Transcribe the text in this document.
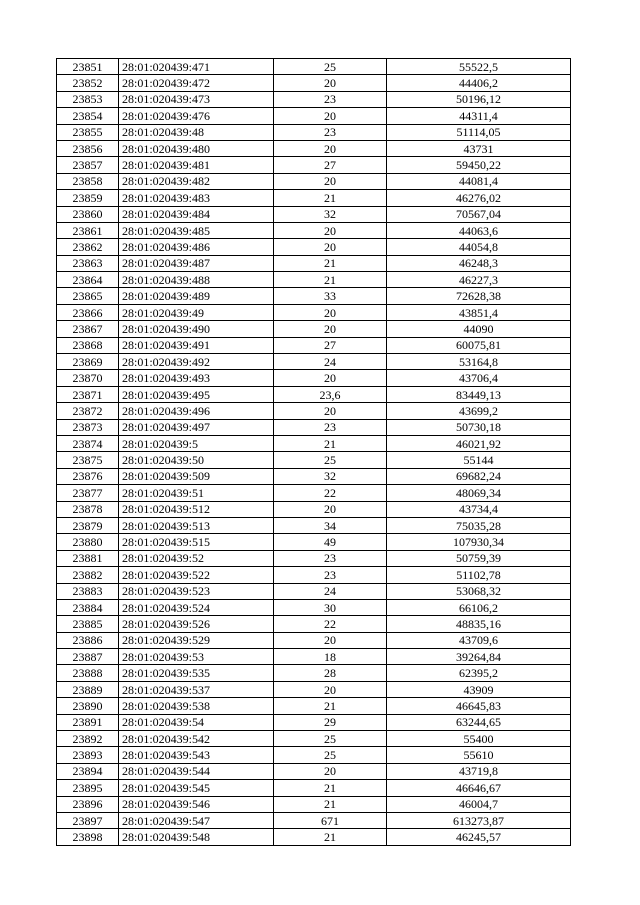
23851	28:01:020439:471	25	55522,5
23852	28:01:020439:472	20	44406,2
23853	28:01:020439:473	23	50196,12
23854	28:01:020439:476	20	44311,4
23855	28:01:020439:48	23	51114,05
23856	28:01:020439:480	20	43731
23857	28:01:020439:481	27	59450,22
23858	28:01:020439:482	20	44081,4
23859	28:01:020439:483	21	46276,02
23860	28:01:020439:484	32	70567,04
23861	28:01:020439:485	20	44063,6
23862	28:01:020439:486	20	44054,8
23863	28:01:020439:487	21	46248,3
23864	28:01:020439:488	21	46227,3
23865	28:01:020439:489	33	72628,38
23866	28:01:020439:49	20	43851,4
23867	28:01:020439:490	20	44090
23868	28:01:020439:491	27	60075,81
23869	28:01:020439:492	24	53164,8
23870	28:01:020439:493	20	43706,4
23871	28:01:020439:495	23,6	83449,13
23872	28:01:020439:496	20	43699,2
23873	28:01:020439:497	23	50730,18
23874	28:01:020439:5	21	46021,92
23875	28:01:020439:50	25	55144
23876	28:01:020439:509	32	69682,24
23877	28:01:020439:51	22	48069,34
23878	28:01:020439:512	20	43734,4
23879	28:01:020439:513	34	75035,28
23880	28:01:020439:515	49	107930,34
23881	28:01:020439:52	23	50759,39
23882	28:01:020439:522	23	51102,78
23883	28:01:020439:523	24	53068,32
23884	28:01:020439:524	30	66106,2
23885	28:01:020439:526	22	48835,16
23886	28:01:020439:529	20	43709,6
23887	28:01:020439:53	18	39264,84
23888	28:01:020439:535	28	62395,2
23889	28:01:020439:537	20	43909
23890	28:01:020439:538	21	46645,83
23891	28:01:020439:54	29	63244,65
23892	28:01:020439:542	25	55400
23893	28:01:020439:543	25	55610
23894	28:01:020439:544	20	43719,8
23895	28:01:020439:545	21	46646,67
23896	28:01:020439:546	21	46004,7
23897	28:01:020439:547	671	613273,87
23898	28:01:020439:548	21	46245,57
